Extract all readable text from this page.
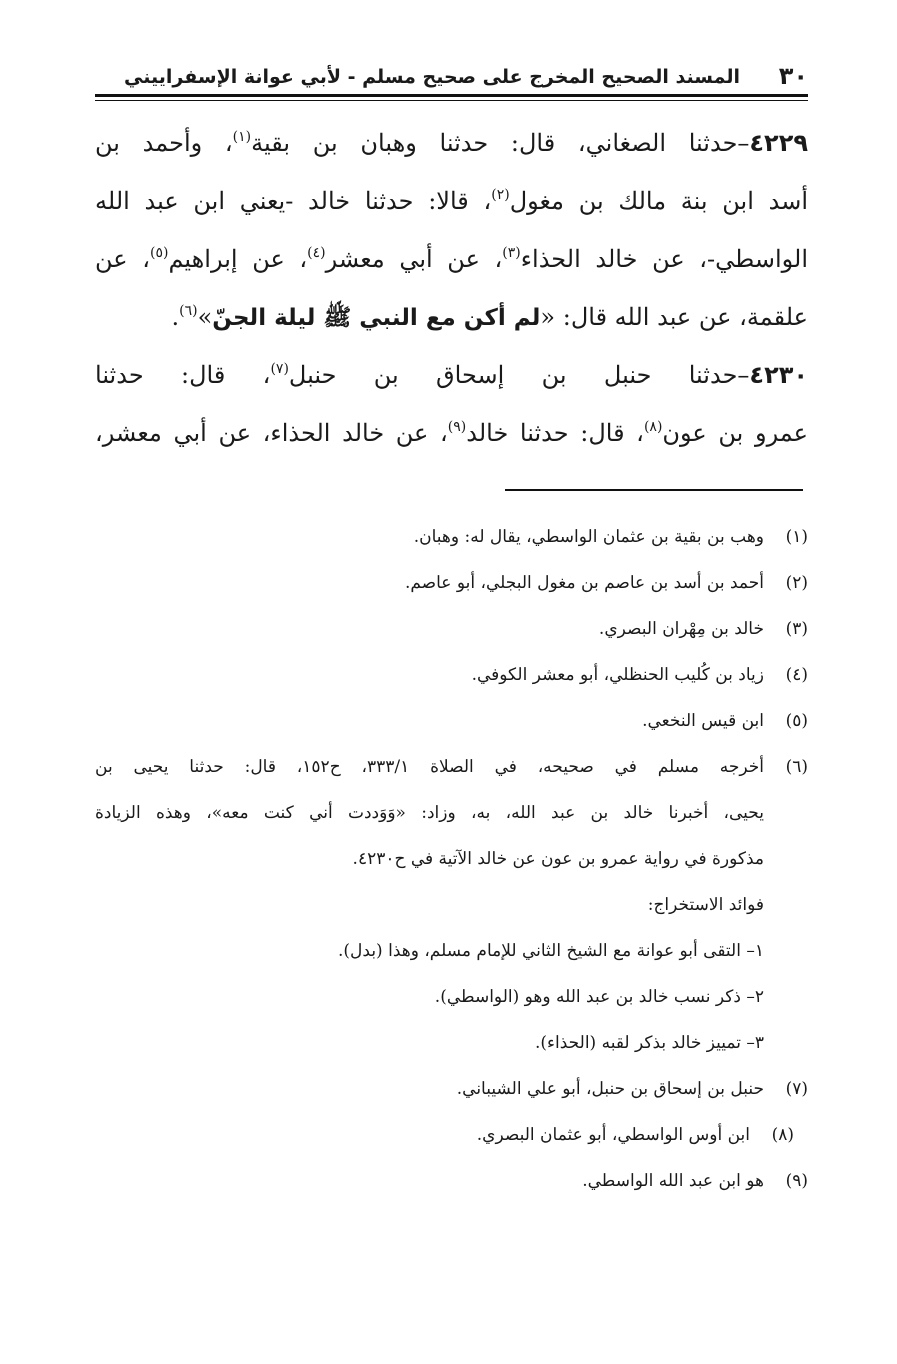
٣٠
المسند الصحيح المخرج على صحيح مسلم - لأبي عوانة الإسفراييني
٤٢٢٩–حدثنا الصغاني، قال: حدثنا وهبان بن بقية$^{(١)}$، وأحمد بن
أسد ابن بنة مالك بن مغول$^{(٢)}$، قالا: حدثنا خالد -يعني ابن عبد الله
الواسطي-، عن خالد الحذاء$^{(٣)}$، عن أبي معشر$^{(٤)}$، عن إبراهيم$^{(٥)}$، عن
علقمة، عن عبد الله قال: «لم أكن مع النبي ﷺ ليلة الجنّ»$^{(٦)}$.
٤٢٣٠–حدثنا حنبل بن إسحاق بن حنبل$^{(٧)}$، قال: حدثنا
عمرو بن عون$^{(٨)}$، قال: حدثنا خالد$^{(٩)}$، عن خالد الحذاء، عن أبي معشر،
(١)
وهب بن بقية بن عثمان الواسطي، يقال له: وهبان.
(٢)
أحمد بن أسد بن عاصم بن مغول البجلي، أبو عاصم.
(٣)
خالد بن مِهْران البصري.
(٤)
زياد بن كُليب الحنظلي، أبو معشر الكوفي.
(٥)
ابن قيس النخعي.
(٦)
أخرجه مسلم في صحيحه، في الصلاة ٣٣٣/١، ح١٥٢، قال: حدثنا يحيى بن
يحيى، أخبرنا خالد بن عبد الله، به، وزاد: «وَوَددت أني كنت معه»، وهذه الزيادة
مذكورة في رواية عمرو بن عون عن خالد الآتية في ح٤٢٣٠.
فوائد الاستخراج:
١– التقى أبو عوانة مع الشيخ الثاني للإمام مسلم، وهذا (بدل).
٢– ذكر نسب خالد بن عبد الله وهو (الواسطي).
٣– تمييز خالد بذكر لقبه (الحذاء).
(٧)
حنبل بن إسحاق بن حنبل، أبو علي الشيباني.
(٨)
ابن أوس الواسطي، أبو عثمان البصري.
(٩)
هو ابن عبد الله الواسطي.
